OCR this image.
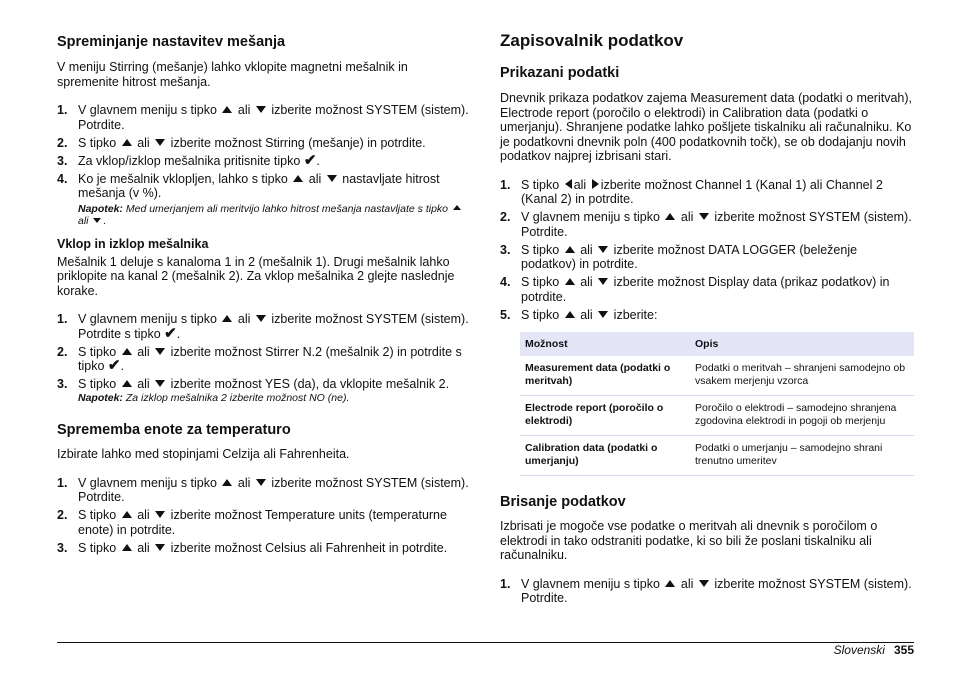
Spreminjanje nastavitev mešanja

V meniju Stirring (mešanje) lahko vklopite magnetni mešalnik in spremenite hitrost mešanja.

1. V glavnem meniju s tipko ali izberite možnost SYSTEM (sistem). Potrdite.
2. S tipko ali izberite možnost Stirring (mešanje) in potrdite.
3. Za vklop/izklop mešalnika pritisnite tipko ✔.
4. Ko je mešalnik vklopljen, lahko s tipko ali nastavljate hitrost mešanja (v %).
Napotek: Med umerjanjem ali meritvijo lahko hitrost mešanja nastavljate s tipko  ali .
Vklop in izklop mešalnika

Mešalnik 1 deluje s kanaloma 1 in 2 (mešalnik 1). Drugi mešalnik lahko priklopite na kanal 2 (mešalnik 2). Za vklop mešalnika 2 glejte naslednje korake.

1. V glavnem meniju s tipko ali izberite možnost SYSTEM (sistem). Potrdite s tipko ✔.
2. S tipko ali izberite možnost Stirrer N.2 (mešalnik 2) in potrdite s tipko ✔.
3. S tipko ali izberite možnost YES (da), da vklopite mešalnik 2.
Napotek: Za izklop mešalnika 2 izberite možnost NO (ne).
Sprememba enote za temperaturo

Izbirate lahko med stopinjami Celzija ali Fahrenheita.

1. V glavnem meniju s tipko ali izberite možnost SYSTEM (sistem). Potrdite.
2. S tipko ali izberite možnost Temperature units (temperaturne enote) in potrdite.
3. S tipko ali izberite možnost Celsius ali Fahrenheit in potrdite.
Zapisovalnik podatkov
Prikazani podatki

Dnevnik prikaza podatkov zajema Measurement data (podatki o meritvah), Electrode report (poročilo o elektrodi) in Calibration data (podatki o umerjanju). Shranjene podatke lahko pošljete tiskalniku ali računalniku. Ko je podatkovni dnevnik poln (400 podatkovnih točk), se ob dodajanju novih podatkov najprej izbrisani stari.

1. S tipko ali izberite možnost Channel 1 (Kanal 1) ali Channel 2 (Kanal 2) in potrdite.
2. V glavnem meniju s tipko ali izberite možnost SYSTEM (sistem). Potrdite.
3. S tipko ali izberite možnost DATA LOGGER (beleženje podatkov) in potrdite.
4. S tipko ali izberite možnost Display data (prikaz podatkov) in potrdite.
5. S tipko ali izberite:
Možnost	Opis
Measurement data (podatki o meritvah)	Podatki o meritvah – shranjeni samodejno ob vsakem merjenju vzorca
Electrode report (poročilo o elektrodi)	Poročilo o elektrodi – samodejno shranjena zgodovina elektrodi in pogoji ob merjenju
Calibration data (podatki o umerjanju)	Podatki o umerjanju – samodejno shrani trenutno umeritev
Brisanje podatkov

Izbrisati je mogoče vse podatke o meritvah ali dnevnik s poročilom o elektrodi in tako odstraniti podatke, ki so bili že poslani tiskalniku ali računalniku.

1. V glavnem meniju s tipko ali izberite možnost SYSTEM (sistem). Potrdite.
Slovenski 355
